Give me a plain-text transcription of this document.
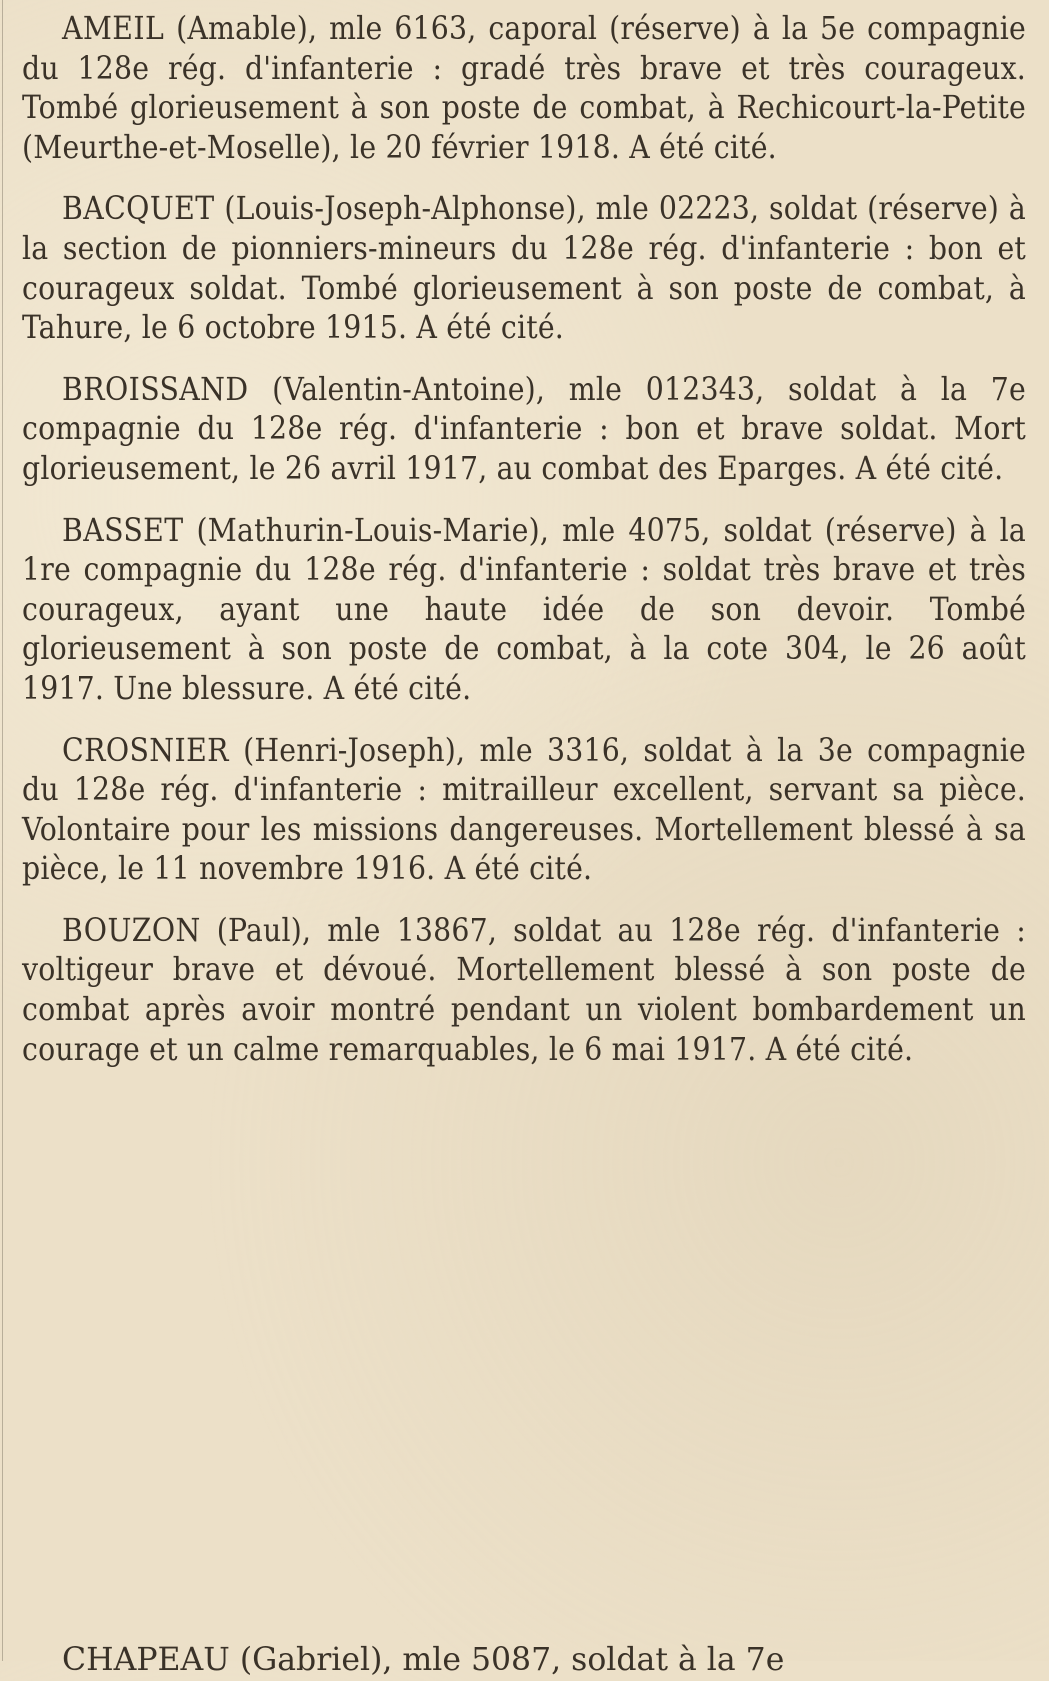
AMEIL (Amable), mle 6163, caporal (réserve) à la 5e compagnie du 128e rég. d'infanterie : gradé très brave et très courageux. Tombé glorieusement à son poste de combat, à Rechicourt-la-Petite (Meurthe-et-Moselle), le 20 février 1918. A été cité.

BACQUET (Louis-Joseph-Alphonse), mle 02223, soldat (réserve) à la section de pionniers-mineurs du 128e rég. d'infanterie : bon et courageux soldat. Tombé glorieusement à son poste de combat, à Tahure, le 6 octobre 1915. A été cité.

BROISSAND (Valentin-Antoine), mle 012343, soldat à la 7e compagnie du 128e rég. d'infanterie : bon et brave soldat. Mort glorieusement, le 26 avril 1917, au combat des Eparges. A été cité.

BASSET (Mathurin-Louis-Marie), mle 4075, soldat (réserve) à la 1re compagnie du 128e rég. d'infanterie : soldat très brave et très courageux, ayant une haute idée de son devoir. Tombé glorieusement à son poste de combat, à la cote 304, le 26 août 1917. Une blessure. A été cité.

CROSNIER (Henri-Joseph), mle 3316, soldat à la 3e compagnie du 128e rég. d'infanterie : mitrailleur excellent, servant sa pièce. Volontaire pour les missions dangereuses. Mortellement blessé à sa pièce, le 11 novembre 1916. A été cité.

BOUZON (Paul), mle 13867, soldat au 128e rég. d'infanterie : voltigeur brave et dévoué. Mortellement blessé à son poste de combat après avoir montré pendant un violent bombardement un courage et un calme remarquables, le 6 mai 1917. A été cité.

CHAPEAU (Gabriel), mle 5087, soldat à la 7e
